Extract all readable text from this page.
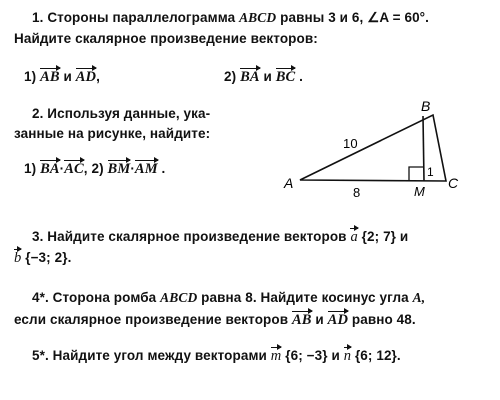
1. Стороны параллелограмма ABCD равны 3 и 6, ∠A = 60°.
Найдите скалярное произведение векторов:
1) AB и AD,	2) BA и BC .
2. Используя данные, ука-
занные на рисунке, найдите:
1) BA·AC, 2) BM·AM .
B
A	C
M
10
8
1
3. Найдите скалярное произведение векторов a {2; 7} и
b {−3; 2}.
4*. Сторона ромба ABCD равна 8. Найдите косинус угла A,
если скалярное произведение векторов AB и AD равно 48.
5*. Найдите угол между векторами m {6; −3} и n {6; 12}.
